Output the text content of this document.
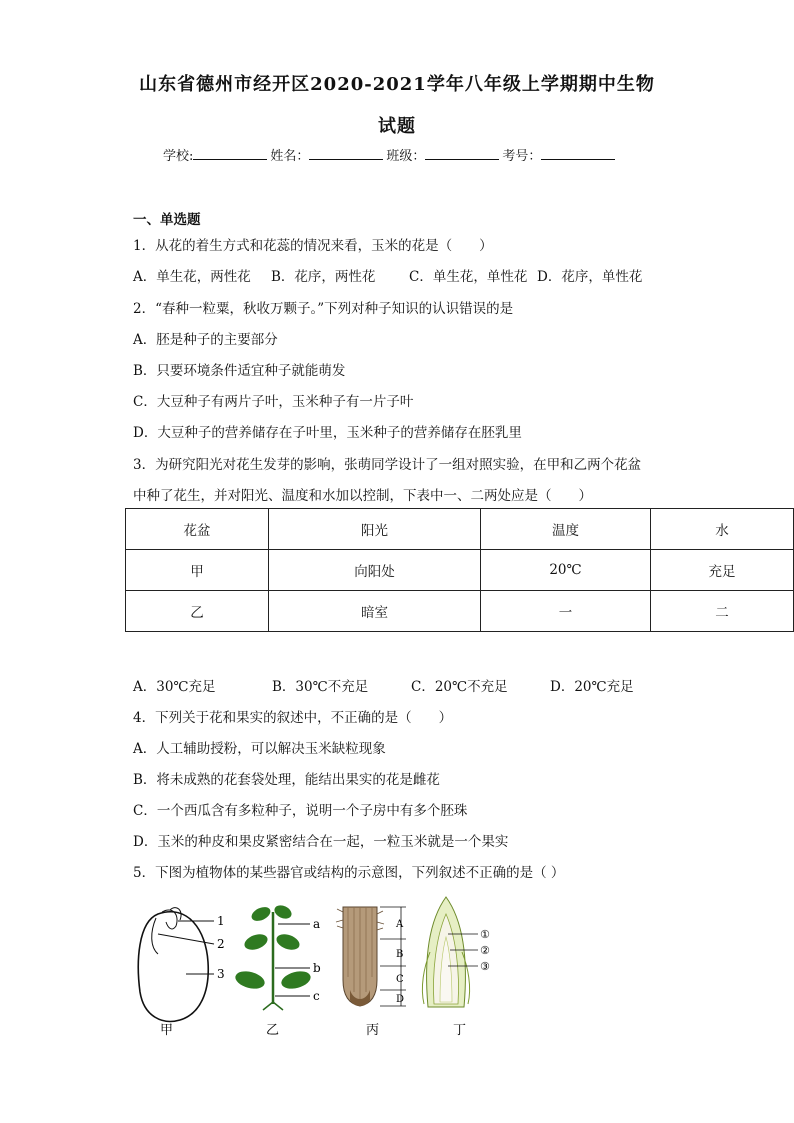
山东省德州市经开区2020-2021学年八年级上学期期中生物
试题
学校:	姓名：	班级：	考号：
一、单选题
1．从花的着生方式和花蕊的情况来看，玉米的花是（　　）
A．单生花，两性花 B．花序，两性花 C．单生花，单性花 D．花序，单性花
2．“春种一粒粟，秋收万颗子。”下列对种子知识的认识错误的是
A．胚是种子的主要部分
B．只要环境条件适宜种子就能萌发
C．大豆种子有两片子叶，玉米种子有一片子叶
D．大豆种子的营养储存在子叶里，玉米种子的营养储存在胚乳里
3．为研究阳光对花生发芽的影响，张萌同学设计了一组对照实验，在甲和乙两个花盆
中种了花生，并对阳光、温度和水加以控制，下表中一、二两处应是（　　）
花盆	阳光	温度	水
甲	向阳处	20℃	充足
乙	暗室	一	二
A．30℃充足	B．30℃不充足	C．20℃不充足	D．20℃充足
4．下列关于花和果实的叙述中，不正确的是（　　）
A．人工辅助授粉，可以解决玉米缺粒现象
B．将未成熟的花套袋处理，能结出果实的花是雌花
C．一个西瓜含有多粒种子，说明一个子房中有多个胚珠
D．玉米的种皮和果皮紧密结合在一起，一粒玉米就是一个果实
5．下图为植物体的某些器官或结构的示意图，下列叙述不正确的是（ ）
1
2
3
a
b
c
A
B
C
D
①
②
③
甲	乙	丙	丁
